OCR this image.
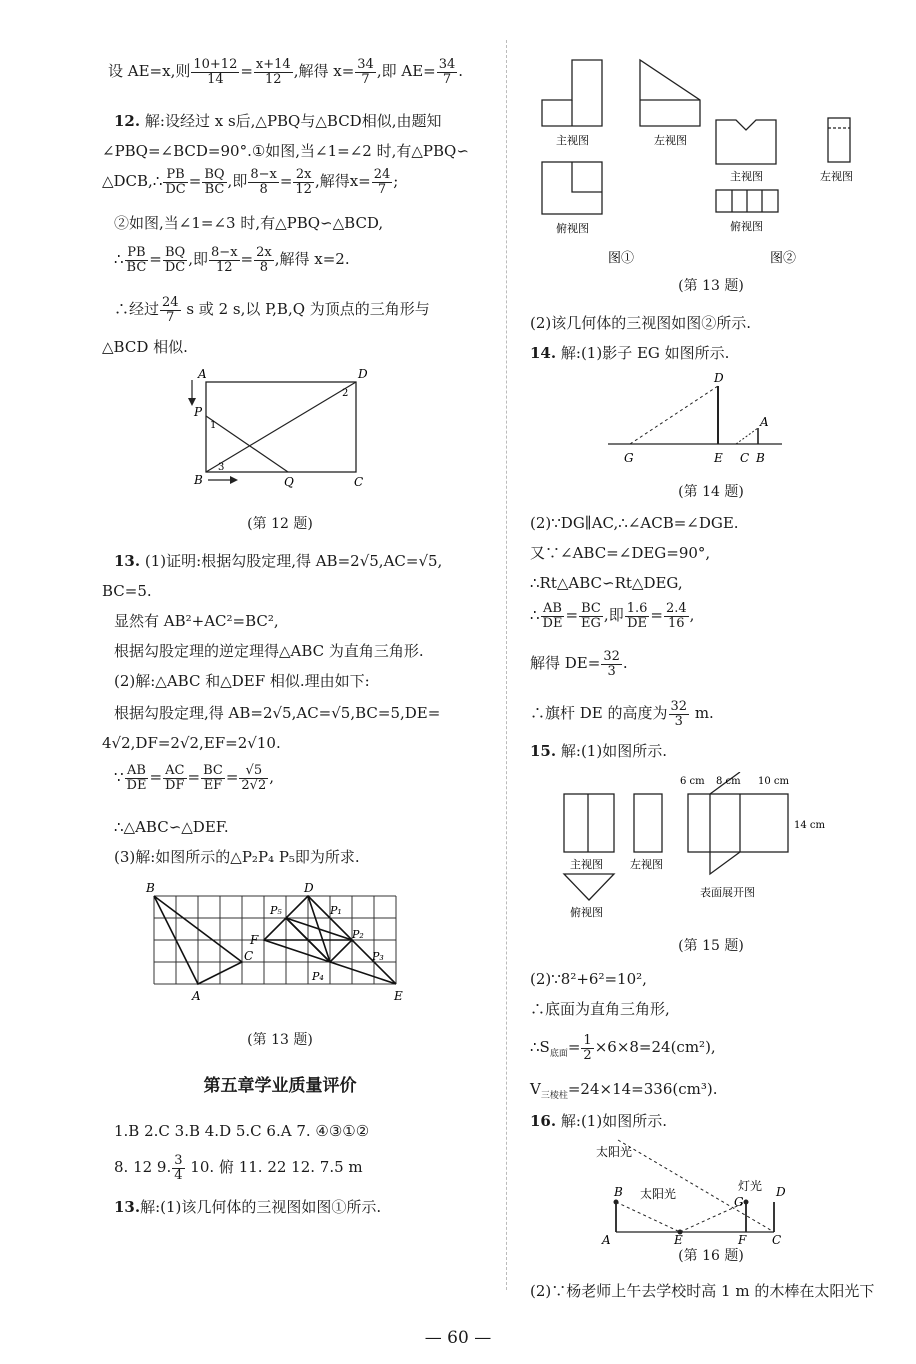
设 AE=x,则 $\frac{10+12}{14} = \frac{x+14}{12}$ ,解得 $x= \frac{34}{7}$ ,即 $AE= \frac{34}{7}$ .
12. 解:设经过 x s后,△PBQ与△BCD相似,由题知
∠PBQ=∠BCD=90°.①如图,当∠1=∠2 时,有△PBQ∽
△DCB,∴ $\frac{PB}{DC} = \frac{BQ}{BC}$ ,即 $\frac{8-x}{8} = \frac{2x}{12}$ ,解得$x= \frac{24}{7}$ ;
②如图,当∠1=∠3 时,有△PBQ∽△BCD,
∴ $\frac{PB}{BC} = \frac{BQ}{DC}$ ,即 $\frac{8-x}{12} = \frac{2x}{8}$ ,解得 x=2.
∴经过 $\frac{24}{7}$ s 或 2 s,以 P,B,Q 为顶点的三角形与
△BCD 相似.
A	D
P
1
2
B
3
Q	C
(第 12 题)
13. (1)证明:根据勾股定理,得 AB=2√5,AC=√5,
BC=5.
显然有 AB²+AC²=BC²,
根据勾股定理的逆定理得△ABC 为直角三角形.
(2)解:△ABC 和△DEF 相似.理由如下:
根据勾股定理,得 AB=2√5,AC=√5,BC=5,DE=
4√2,DF=2√2,EF=2√10.
∵ $\frac{AB}{DE} = \frac{AC}{DF} = \frac{BC}{EF} = \frac{√5}{2√2}$ ,
∴△ABC∽△DEF.
(3)解:如图所示的△P₂P₄ P₅即为所求.
B	D
P₅	P₁
F	P₂
C	P₃
P₄
A	E
(第 13 题)
第五章学业质量评价
1.B 2.C 3.B 4.D 5.C 6.A 7. ④③①②
8. 12 9. $\frac{3}{4} 10$. 俯 11. 22 12. 7.5 m
13.解:(1)该几何体的三视图如图①所示.
主视图	左视图
俯视图
主视图	左视图
俯视图
图①	图②
(第 13 题)
(2)该几何体的三视图如图②所示.
14. 解:(1)影子 EG 如图所示.
D
A
G	E C B
(第 14 题)
(2)∵DG∥AC,∴∠ACB=∠DGE.
又∵∠ABC=∠DEG=90°,
∴Rt△ABC∽Rt△DEG,
∴ $\frac{AB}{DE} = \frac{BC}{EG}$ ,即 $\frac{1.6}{DE} = \frac{2.4}{16}$ ,
解得 $DE= \frac{32}{3}$ .
∴旗杆 DE 的高度为 $\frac{32}{3} m$.
15. 解:(1)如图所示.
6 cm 8 cm 10 cm
14 cm
主视图 左视图
俯视图
表面展开图
(第 15 题)
(2)∵8²+6²=10²,
∴底面为直角三角形,
$\therefore S_{底面}= \frac{1}{2} \times 6\times 8=24(cm^2)$,
$V_{三棱柱}=24\times 14=336(cm^3)$.
16. 解:(1)如图所示.
太阳光
太阳光
灯光
B
G
D
A	E	F C
(第 16 题)
(2)∵杨老师上午去学校时高 1 m 的木棒在太阳光下
— 60 —
